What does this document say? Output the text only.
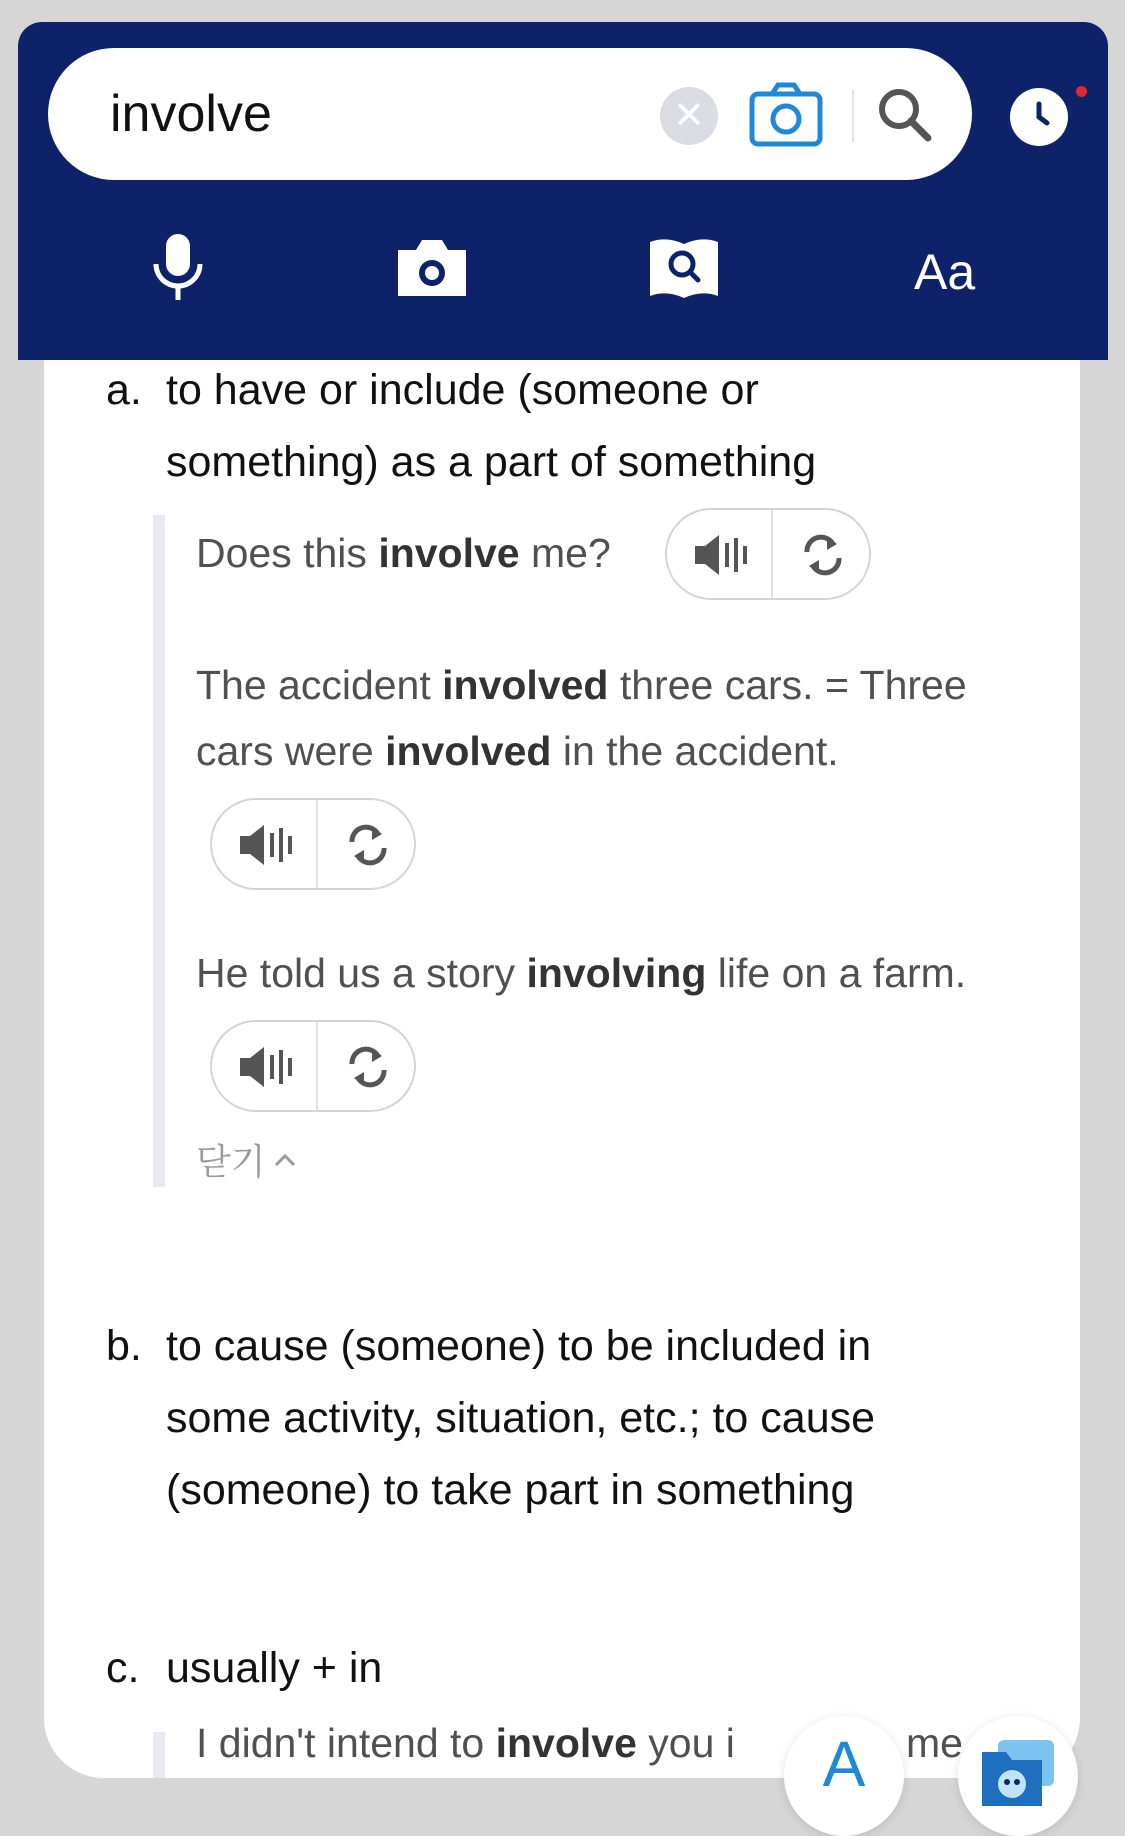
a. to have or include (someone or
something) as a part of something
Does this involve me?
The accident involved three cars. = Three
cars were involved in the accident.
He told us a story involving life on a farm.
닫기
b. to cause (someone) to be included in
some activity, situation, etc.; to cause
(someone) to take part in something
c. usually + in
I didn't intend to involve you i	me
involve	✕
Aa
A
